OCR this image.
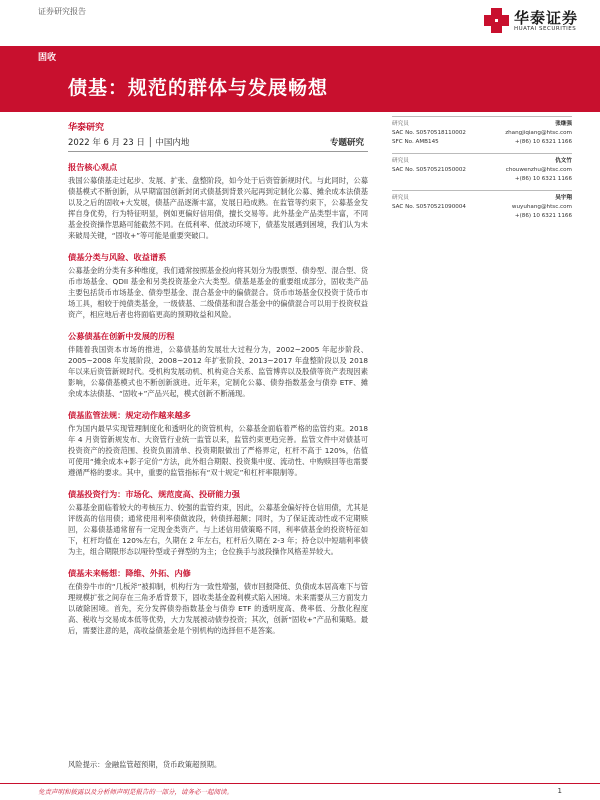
证券研究报告	华泰证券
HUATAI SECURITIES
固收
债基：规范的群体与发展畅想
华泰研究
2022 年 6 月 23 日 │ 中国内地	专题研究
研究员	张继强
SAC No. S0570518110002	zhangjiqiang@htsc.com
SFC No. AMB145	+(86) 10 6321 1166
研究员	仇文竹
SAC No. S0570521050002	chouwenzhu@htsc.com
+(86) 10 6321 1166
研究员	吴宇翔
SAC No. S0570521090004	wuyuhang@htsc.com
+(86) 10 6321 1166
报告核心观点
我国公募债基走过起步、发展、扩张、盘整阶段，如今处于后资管新规时代。与此同时，公募债基模式不断创新，从早期富国创新封闭式债基到背景兴起再到定制化公募、摊余成本法债基以及之后的固收+大发展，债基产品逐渐丰富，发展日趋成熟。在监管等约束下，公募基金发挥自身优势，行为特征明显，例如更偏好信用债，擅长交易等。此外基金产品类型丰富，不同基金投资操作思路可能截然不同。在低利率、低波动环境下，债基发展遇到困境，我们认为未来破局关键，“固收+”等可能是重要突破口。
债基分类与风险、收益谱系
公募基金的分类有多种维度，我们通常按照基金投向将其划分为股票型、债券型、混合型、货币市场基金、QDII 基金和另类投资基金六大类型。债基是基金的重要组成部分，固收类产品主要包括货币市场基金、债券型基金、混合基金中的偏债混合。货币市场基金仅投资于货币市场工具，相较于纯债类基金，一级债基、二级债基和混合基金中的偏债混合可以用于投资权益资产，相应地后者也将面临更高的预期收益和风险。
公募债基在创新中发展的历程
伴随着我国资本市场的推进，公募债基的发展壮大过程分为，2002~2005 年起步阶段、2005~2008 年发展阶段、2008~2012 年扩张阶段、2013~2017 年盘整阶段以及 2018 年以来后资管新规时代。受机构发展动机、机构竞合关系、监管博弈以及股债等资产表现因素影响，公募债基模式也不断创新演进。近年来，定制化公募、债券指数基金与债券 ETF、摊余成本法债基、“固收+”产品兴起，模式创新不断涌现。
债基监管法规：规定动作越来越多
作为国内最早实现管理制度化和透明化的资管机构，公募基金面临着严格的监管约束。2018 年 4 月资管新规发布、大资管行业统一监管以来，监管约束更趋完善。监管文件中对债基可投资资产的投资范围、投资负面清单、投资期限做出了严格界定，杠杆不高于 120%，估值可使用“摊余成本+影子定价”方法，此外组合期限、投资集中度、流动性、中购赎回等也需要遵循严格的要求。其中，重要的监管指标有“双十规定”和杠杆率限制等。
债基投资行为：市场化、规范度高、投研能力强
公募基金面临着较大的考核压力、较强的监管约束，因此，公募基金偏好持仓信用债，尤其是评级高的信用债；通常使用利率债做波段，转债择超额；同时，为了保证流动性或不定期赎回，公募债基通常留有一定现金类资产。与上述信用债策略不同，利率债基金的投资特征如下，杠杆均值在 120%左右，久期在 2 年左右，杠杆后久期在 2-3 年；持仓以中短端利率债为主，组合期限形态以哑铃型或子弹型的为主；仓位换手与波段操作风格差异较大。
债基未来畅想：降维、外拓、内修
在债券牛市的“几板斧”被抑制，机构行为一致性增强，债市回报降低、负债成本居高难下与管理规模扩张之间存在三角矛盾背景下，固收类基金盈利模式陷入困境。未来需要从三方面发力以破除困境。首先，充分发挥债券指数基金与债券 ETF 的透明度高、费率低、分散化程度高、税收与交易成本低等优势，大力发展被动债券投资；其次，创新“固收+”产品和策略。最后，需要注意的是，高收益债基金是个别机构的选择但不是答案。
风险提示：金融监管超预期，货币政策超预期。
免责声明和披露以及分析师声明是报告的一部分，请务必一起阅读。	1
